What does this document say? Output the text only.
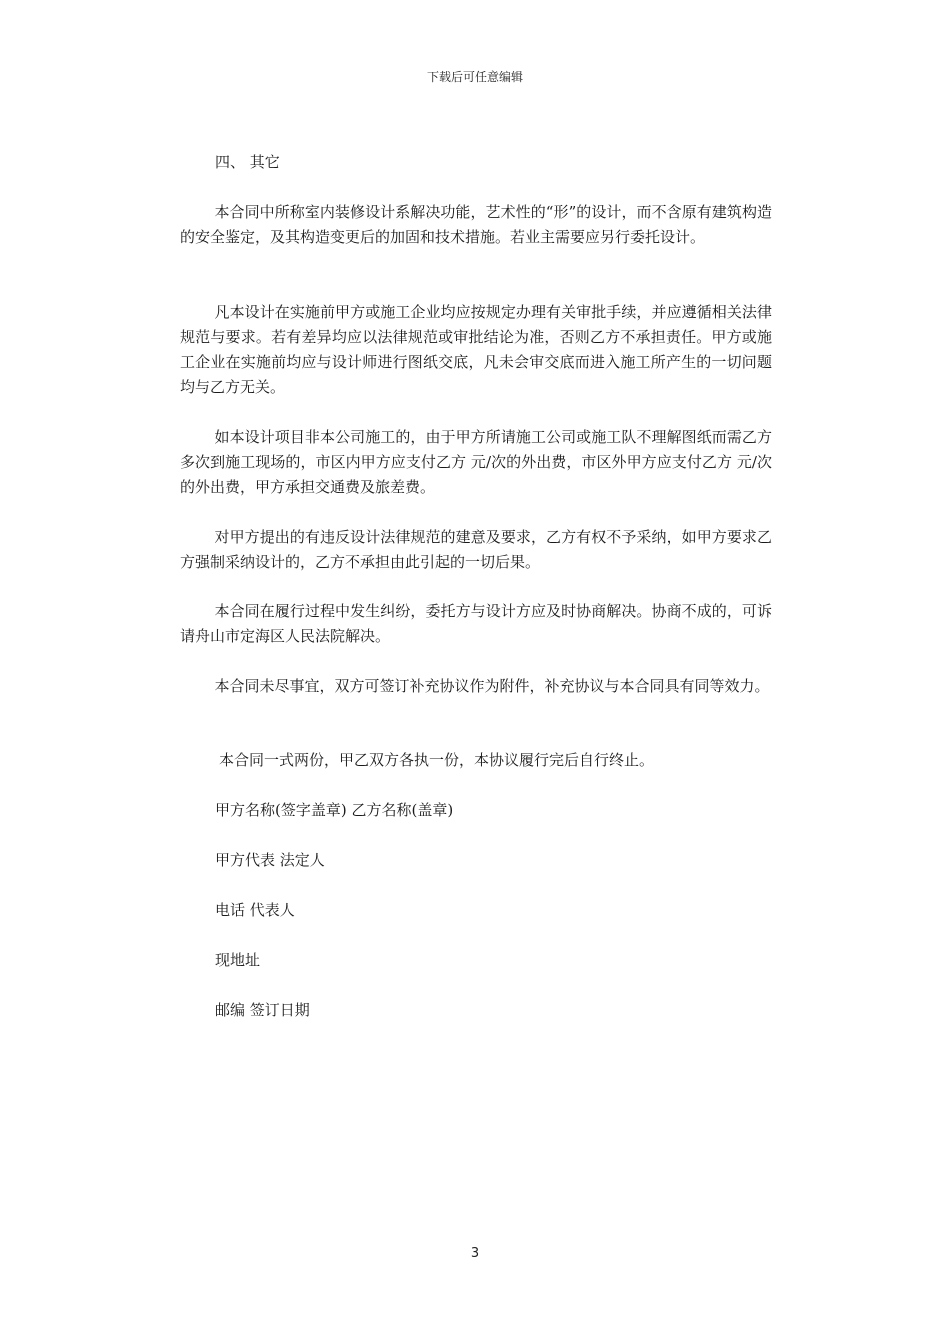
下载后可任意编辑
四、 其它

本合同中所称室内装修设计系解决功能，艺术性的“形”的设计，而不含原有建筑构造的安全鉴定，及其构造变更后的加固和技术措施。若业主需要应另行委托设计。

凡本设计在实施前甲方或施工企业均应按规定办理有关审批手续，并应遵循相关法律规范与要求。若有差异均应以法律规范或审批结论为准，否则乙方不承担责任。甲方或施工企业在实施前均应与设计师进行图纸交底，凡未会审交底而进入施工所产生的一切问题均与乙方无关。

如本设计项目非本公司施工的，由于甲方所请施工公司或施工队不理解图纸而需乙方多次到施工现场的，市区内甲方应支付乙方 元/次的外出费，市区外甲方应支付乙方 元/次的外出费，甲方承担交通费及旅差费。

对甲方提出的有违反设计法律规范的建意及要求，乙方有权不予采纳，如甲方要求乙方强制采纳设计的，乙方不承担由此引起的一切后果。

本合同在履行过程中发生纠纷，委托方与设计方应及时协商解决。协商不成的，可诉请舟山市定海区人民法院解决。

本合同未尽事宜，双方可签订补充协议作为附件，补充协议与本合同具有同等效力。

本合同一式两份，甲乙双方各执一份，本协议履行完后自行终止。

甲方名称(签字盖章) 乙方名称(盖章)
甲方代表 法定人
电话 代表人
现地址
邮编 签订日期
3
